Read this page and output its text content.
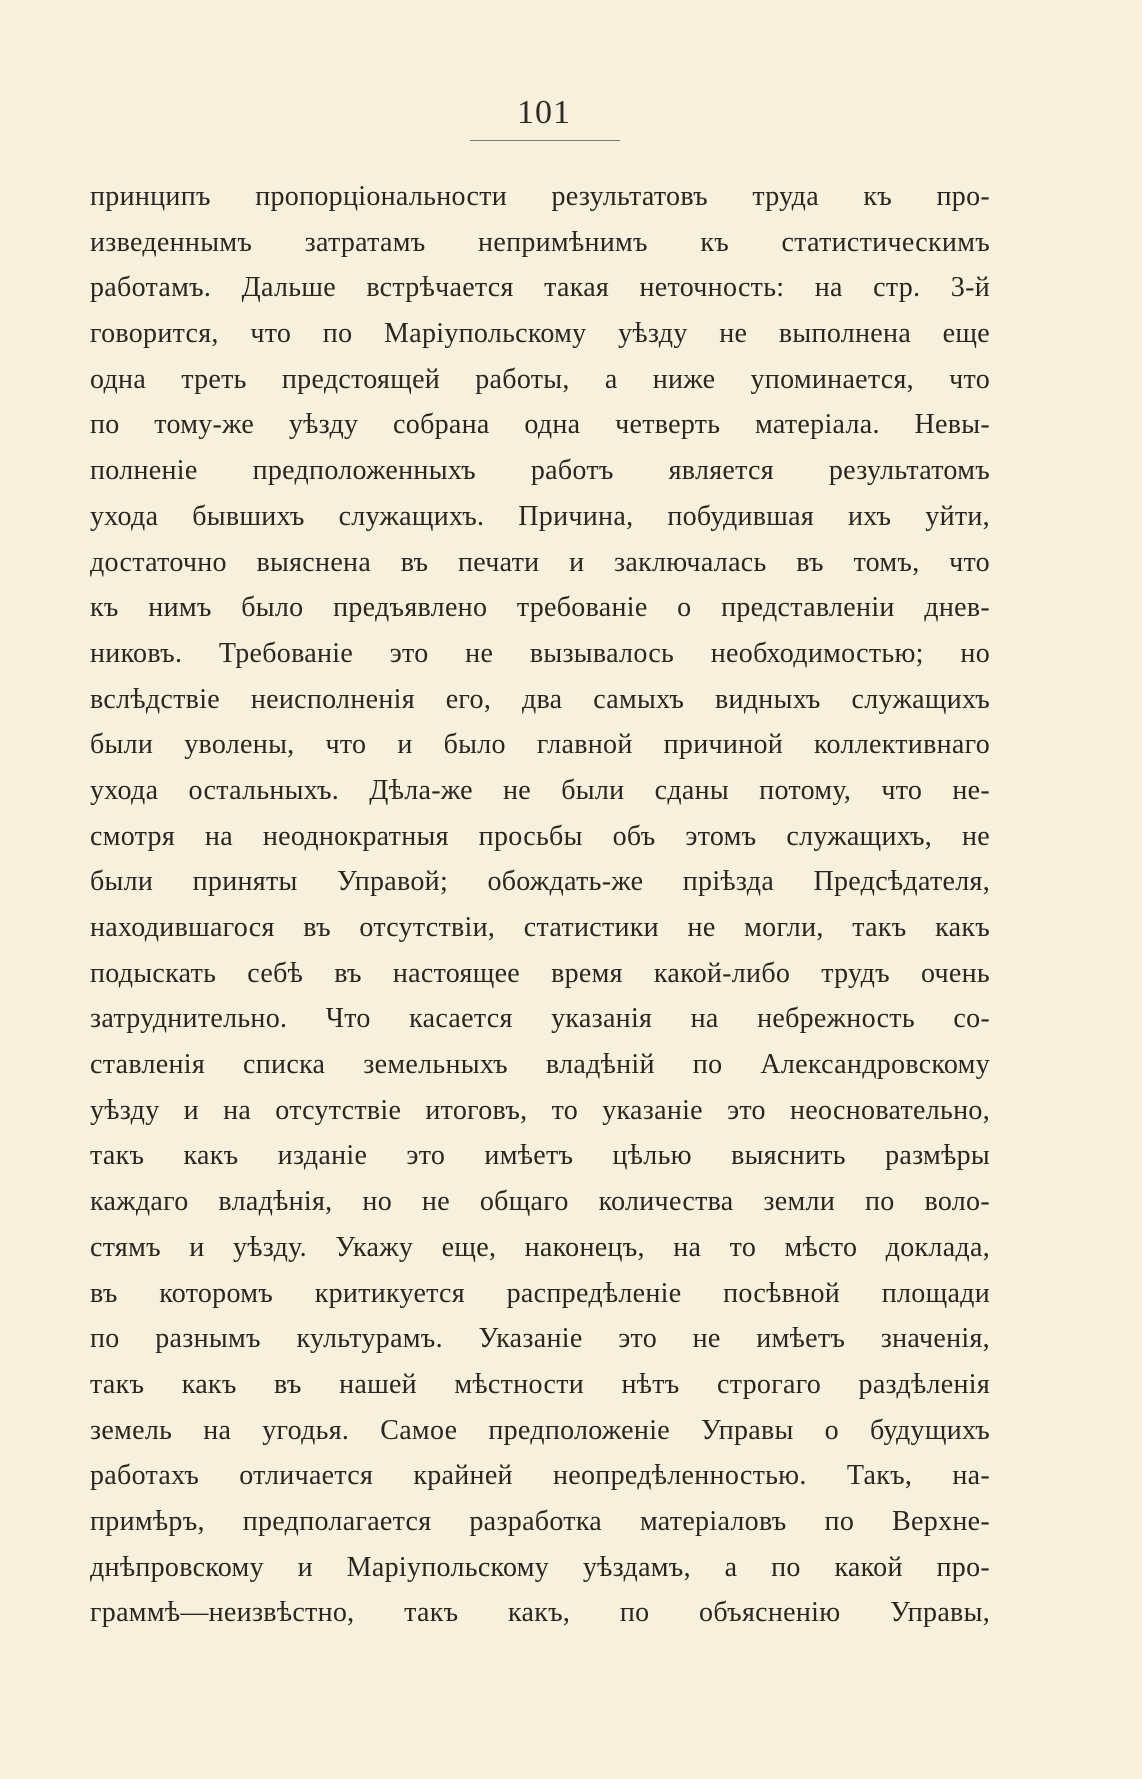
101
принципъ пропорціональности результатовъ труда къ про-
изведеннымъ затратамъ непримѣнимъ къ статистическимъ
работамъ. Дальше встрѣчается такая неточность: на стр. 3-й
говорится, что по Маріупольскому уѣзду не выполнена еще
одна треть предстоящей работы, а ниже упоминается, что
по тому-же уѣзду собрана одна четверть матеріала. Невы-
полненіе предположенныхъ работъ является результатомъ
ухода бывшихъ служащихъ. Причина, побудившая ихъ уйти,
достаточно выяснена въ печати и заключалась въ томъ, что
къ нимъ было предъявлено требованіе о представленіи днев-
никовъ. Требованіе это не вызывалось необходимостью; но
вслѣдствіе неисполненія его, два самыхъ видныхъ служащихъ
были уволены, что и было главной причиной коллективнаго
ухода остальныхъ. Дѣла-же не были сданы потому, что не-
смотря на неоднократныя просьбы объ этомъ служащихъ, не
были приняты Управой; обождать-же пріѣзда Предсѣдателя,
находившагося въ отсутствіи, статистики не могли, такъ какъ
подыскать себѣ въ настоящее время какой-либо трудъ очень
затруднительно. Что касается указанія на небрежность со-
ставленія списка земельныхъ владѣній по Александровскому
уѣзду и на отсутствіе итоговъ, то указаніе это неосновательно,
такъ какъ изданіе это имѣетъ цѣлью выяснить размѣры
каждаго владѣнія, но не общаго количества земли по воло-
стямъ и уѣзду. Укажу еще, наконецъ, на то мѣсто доклада,
въ которомъ критикуется распредѣленіе посѣвной площади
по разнымъ культурамъ. Указаніе это не имѣетъ значенія,
такъ какъ въ нашей мѣстности нѣтъ строгаго раздѣленія
земель на угодья. Самое предположеніе Управы о будущихъ
работахъ отличается крайней неопредѣленностью. Такъ, на-
примѣръ, предполагается разработка матеріаловъ по Верхне-
днѣпровскому и Маріупольскому уѣздамъ, а по какой про-
граммѣ—неизвѣстно, такъ какъ, по объясненію Управы,
